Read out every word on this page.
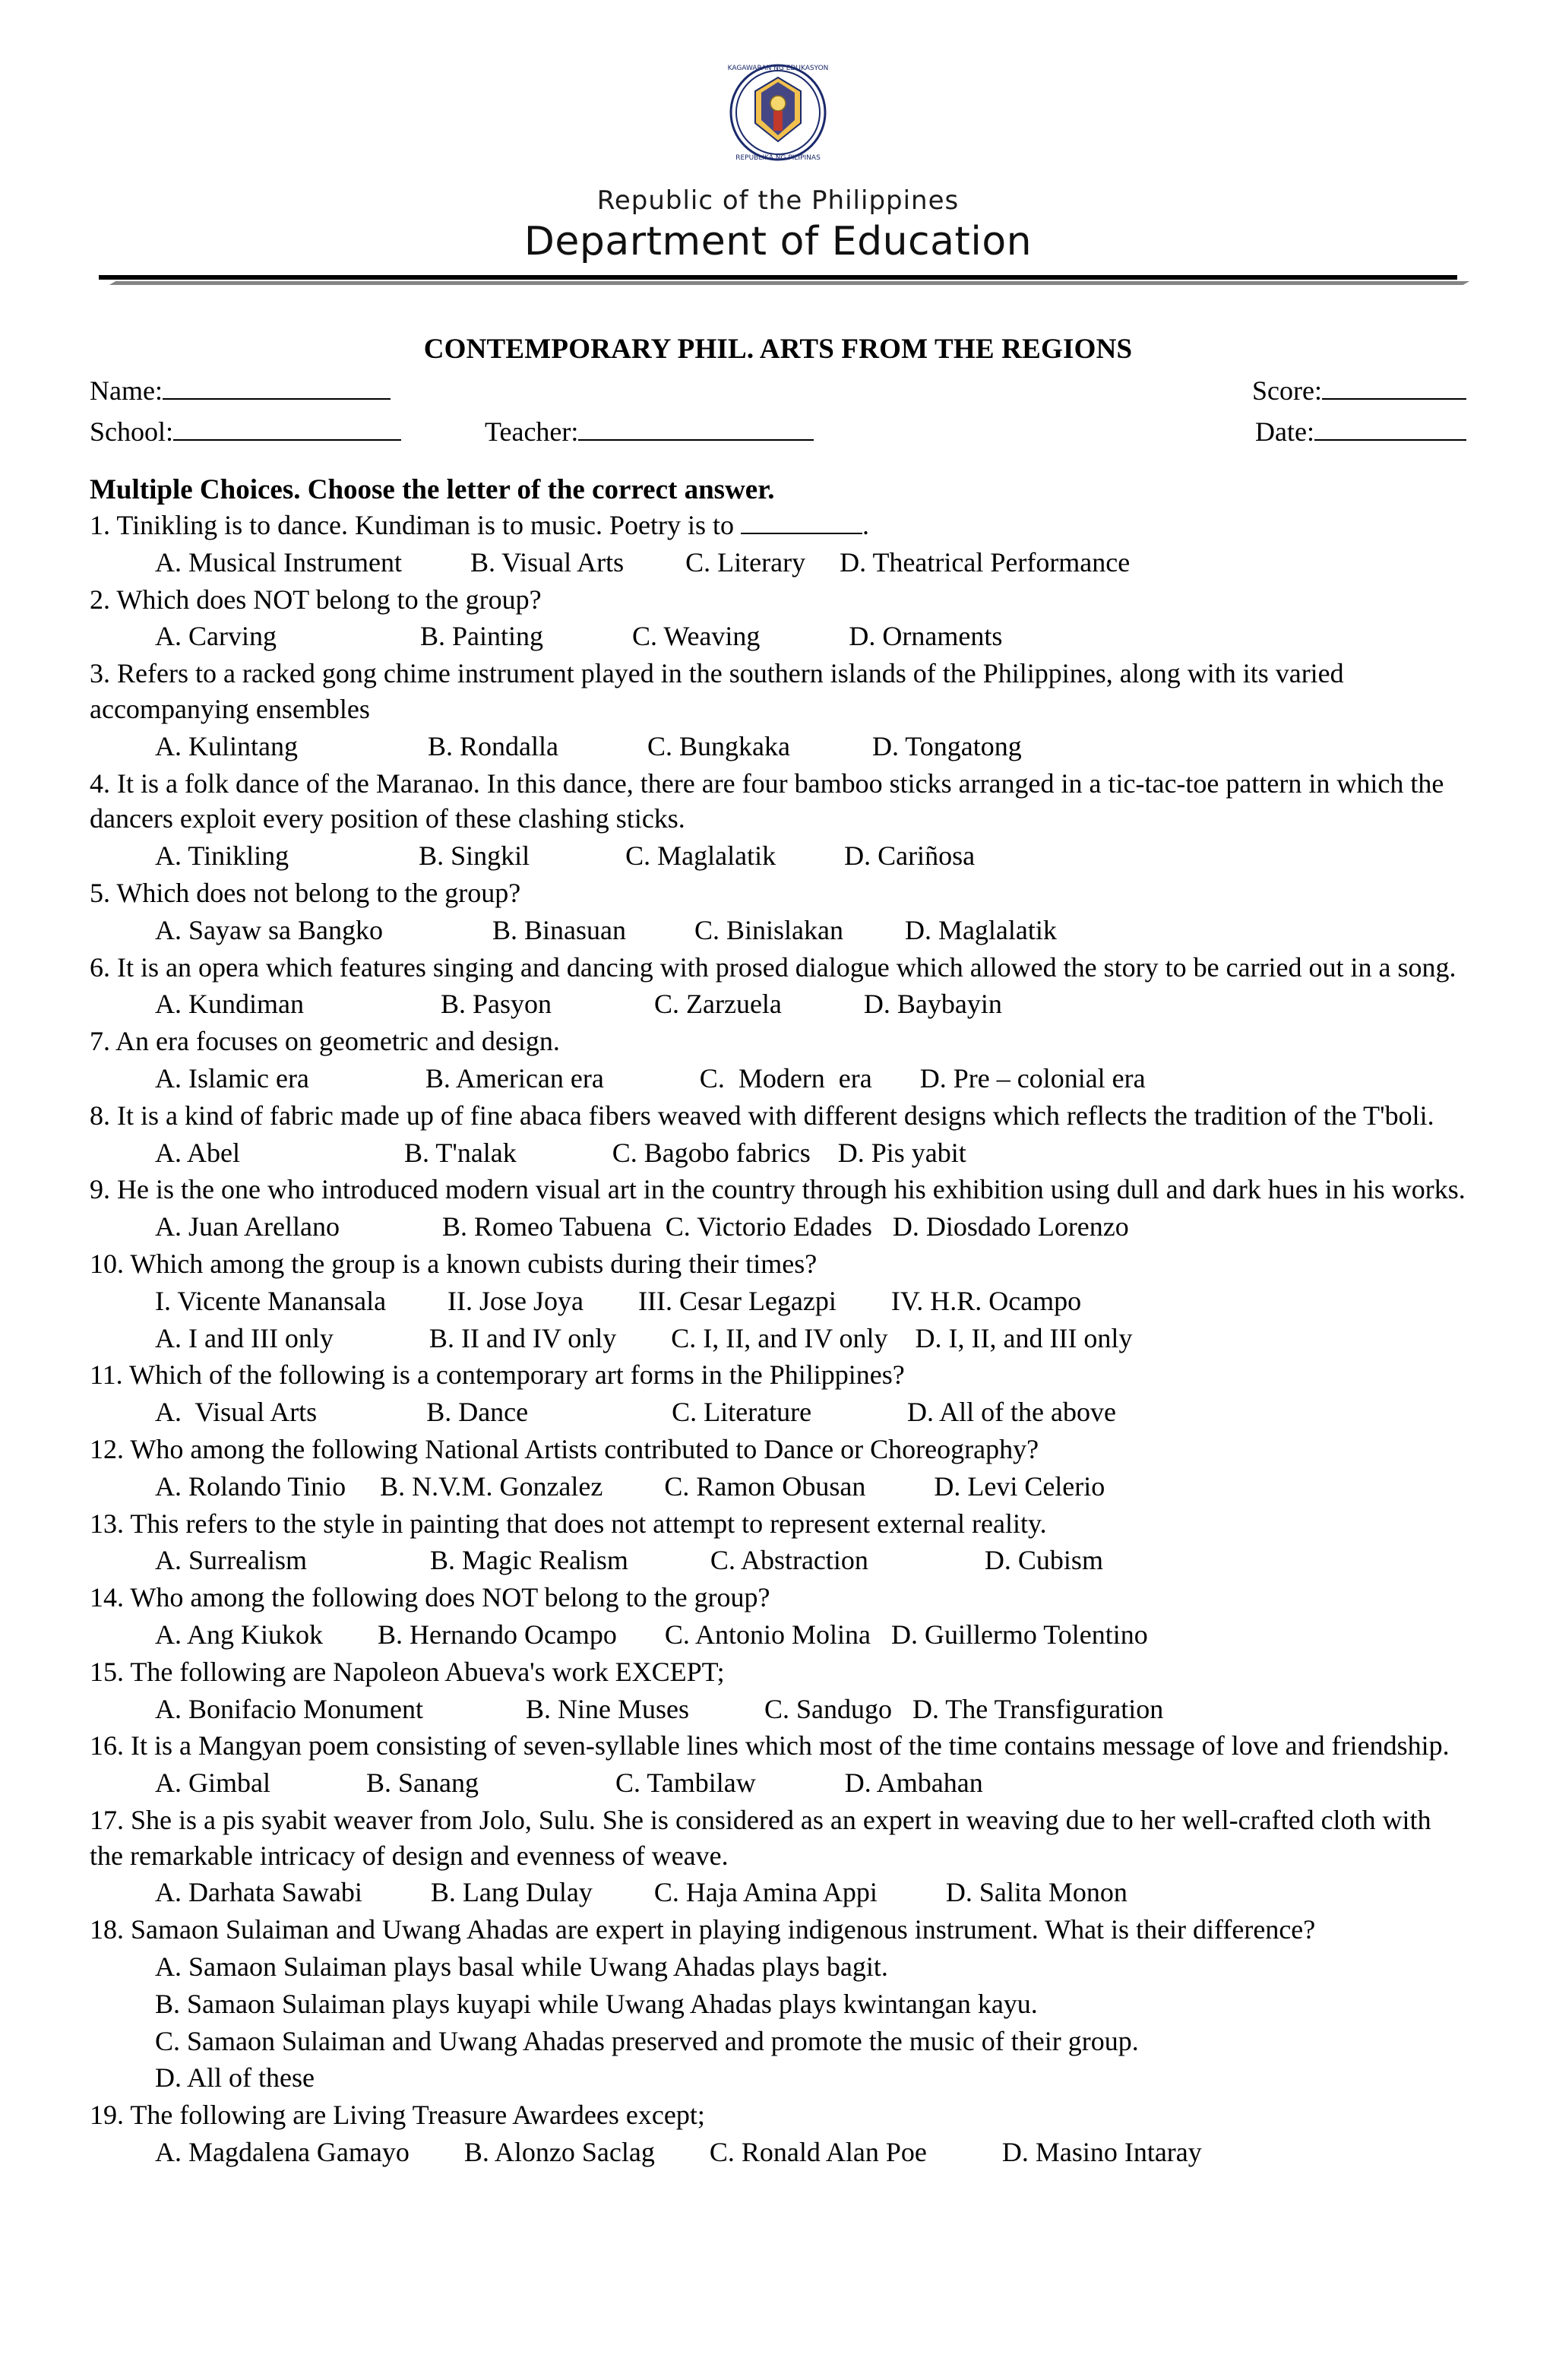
KAGAWARAN NG EDUKASYON
REPUBLIKA NG PILIPINAS
Republic of the Philippines
Department of Education
CONTEMPORARY PHIL. ARTS FROM THE REGIONS
Name:	Score:
School:	Teacher:	Date:
Multiple Choices. Choose the letter of the correct answer.
1. Tinikling is to dance. Kundiman is to music. Poetry is to	.
A. Musical Instrument          B. Visual Arts         C. Literary     D. Theatrical Performance
2. Which does NOT belong to the group?
A. Carving                     B. Painting             C. Weaving             D. Ornaments
3. Refers to a racked gong chime instrument played in the southern islands of the Philippines, along with its varied accompanying ensembles
A. Kulintang                   B. Rondalla             C. Bungkaka            D. Tongatong
4. It is a folk dance of the Maranao. In this dance, there are four bamboo sticks arranged in a tic-tac-toe pattern in which the dancers exploit every position of these clashing sticks.
A. Tinikling                   B. Singkil              C. Maglalatik          D. Cariñosa
5. Which does not belong to the group?
A. Sayaw sa Bangko                B. Binasuan          C. Binislakan         D. Maglalatik
6. It is an opera which features singing and dancing with prosed dialogue which allowed the story to be carried out in a song.
A. Kundiman                    B. Pasyon               C. Zarzuela            D. Baybayin
7. An era focuses on geometric and design.
A. Islamic era                 B. American era              C.  Modern  era       D. Pre – colonial era
8. It is a kind of fabric made up of fine abaca fibers weaved with different designs which reflects the tradition of the T'boli.
A. Abel                        B. T'nalak              C. Bagobo fabrics    D. Pis yabit
9. He is the one who introduced modern visual art in the country through his exhibition using dull and dark hues in his works.
A. Juan Arellano               B. Romeo Tabuena  C. Victorio Edades   D. Diosdado Lorenzo
10. Which among the group is a known cubists during their times?
I. Vicente Manansala         II. Jose Joya        III. Cesar Legazpi        IV. H.R. Ocampo
A. I and III only              B. II and IV only        C. I, II, and IV only    D. I, II, and III only
11. Which of the following is a contemporary art forms in the Philippines?
A.  Visual Arts                B. Dance                     C. Literature              D. All of the above
12. Who among the following National Artists contributed to Dance or Choreography?
A. Rolando Tinio     B. N.V.M. Gonzalez         C. Ramon Obusan          D. Levi Celerio
13. This refers to the style in painting that does not attempt to represent external reality.
A. Surrealism                  B. Magic Realism            C. Abstraction                 D. Cubism
14. Who among the following does NOT belong to the group?
A. Ang Kiukok        B. Hernando Ocampo       C. Antonio Molina   D. Guillermo Tolentino
15. The following are Napoleon Abueva's work EXCEPT;
A. Bonifacio Monument               B. Nine Muses           C. Sandugo   D. The Transfiguration
16. It is a Mangyan poem consisting of seven-syllable lines which most of the time contains message of love and friendship.
A. Gimbal              B. Sanang                    C. Tambilaw             D. Ambahan
17. She is a pis syabit weaver from Jolo, Sulu. She is considered as an expert in weaving due to her well-crafted cloth with the remarkable intricacy of design and evenness of weave.
A. Darhata Sawabi          B. Lang Dulay         C. Haja Amina Appi          D. Salita Monon
18. Samaon Sulaiman and Uwang Ahadas are expert in playing indigenous instrument. What is their difference?
A. Samaon Sulaiman plays basal while Uwang Ahadas plays bagit.
B. Samaon Sulaiman plays kuyapi while Uwang Ahadas plays kwintangan kayu.
C. Samaon Sulaiman and Uwang Ahadas preserved and promote the music of their group.
D. All of these
19. The following are Living Treasure Awardees except;
A. Magdalena Gamayo        B. Alonzo Saclag        C. Ronald Alan Poe           D. Masino Intaray
